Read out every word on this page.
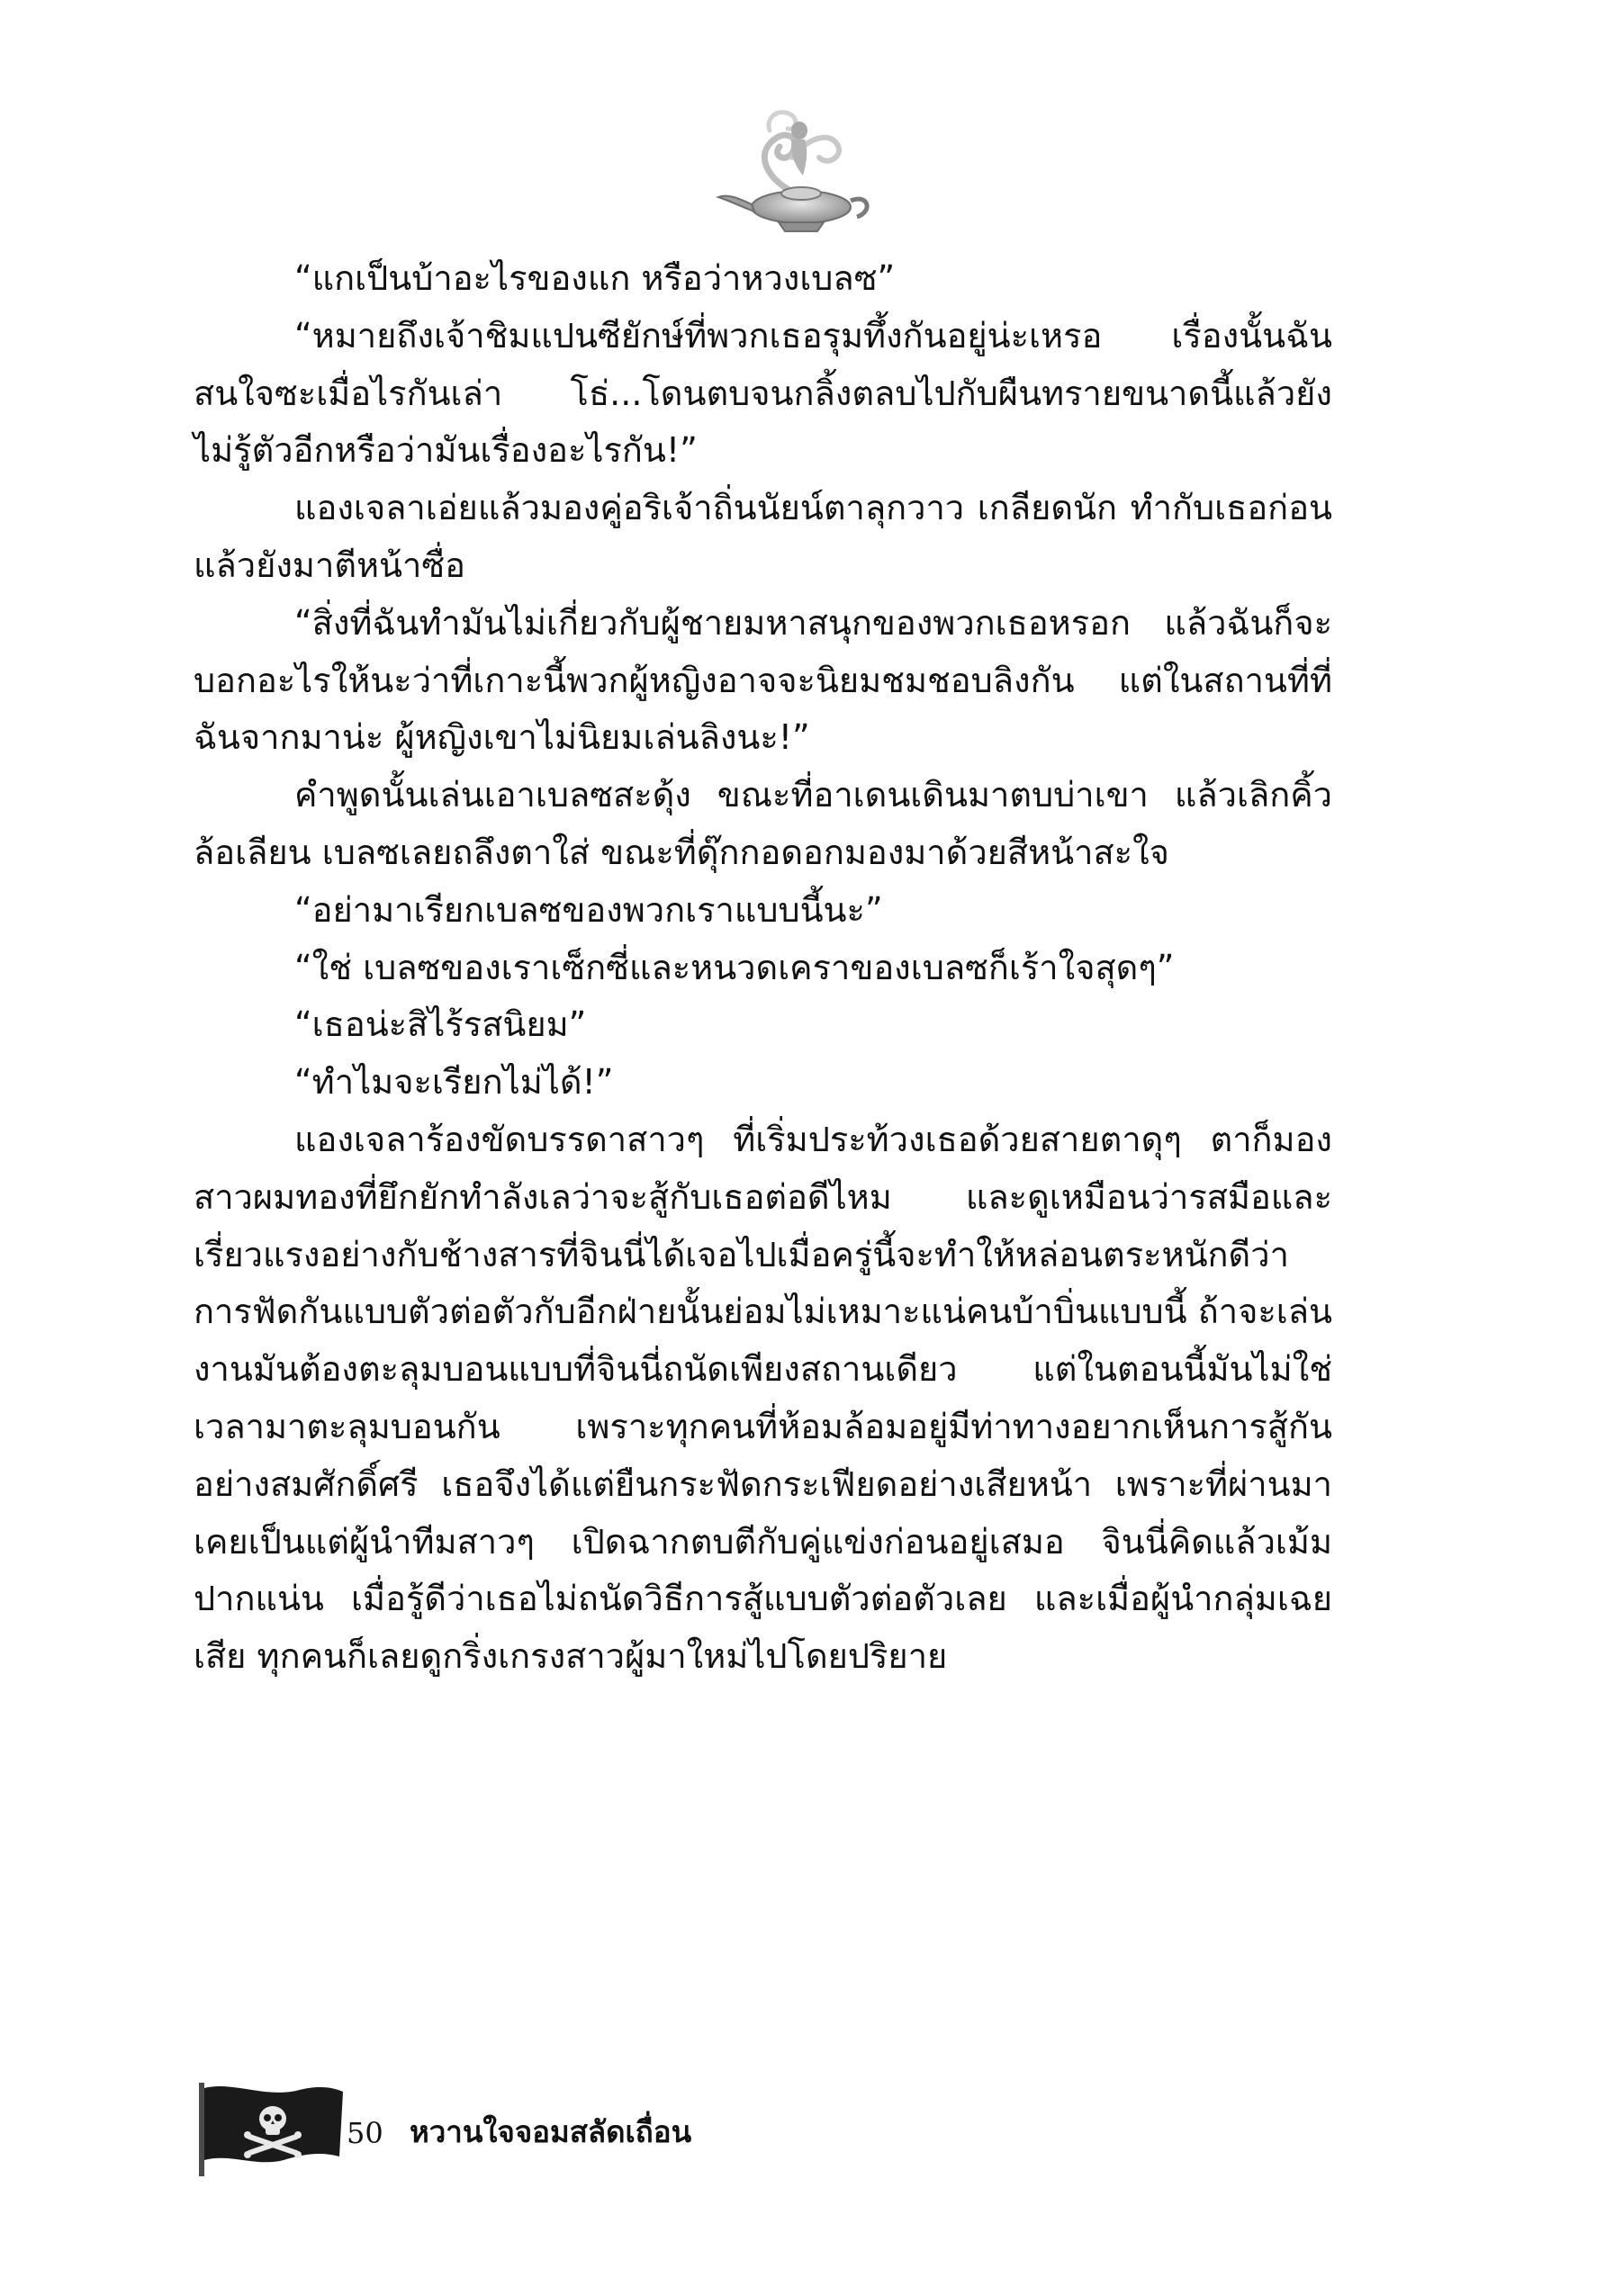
“แกเป็นบ้าอะไรของแก หรือว่าหวงเบลซ”

“หมายถึงเจ้าชิมแปนซียักษ์ที่พวกเธอรุมทึ้งกันอยู่น่ะเหรอ เรื่องนั้นฉันสนใจซะเมื่อไรกันเล่า โธ่...โดนตบจนกลิ้งตลบไปกับผืนทรายขนาดนี้แล้วยังไม่รู้ตัวอีกหรือว่ามันเรื่องอะไรกัน!”

แองเจลาเอ่ยแล้วมองคู่อริเจ้าถิ่นนัยน์ตาลุกวาว เกลียดนัก ทำกับเธอก่อน แล้วยังมาตีหน้าซื่อ

“สิ่งที่ฉันทำมันไม่เกี่ยวกับผู้ชายมหาสนุกของพวกเธอหรอก แล้วฉันก็จะบอกอะไรให้นะว่าที่เกาะนี้พวกผู้หญิงอาจจะนิยมชมชอบลิงกัน แต่ในสถานที่ที่ฉันจากมาน่ะ ผู้หญิงเขาไม่นิยมเล่นลิงนะ!”

คำพูดนั้นเล่นเอาเบลซสะดุ้ง ขณะที่อาเดนเดินมาตบบ่าเขา แล้วเลิกคิ้วล้อเลียน เบลซเลยถลึงตาใส่ ขณะที่ดุ๊กกอดอกมองมาด้วยสีหน้าสะใจ

“อย่ามาเรียกเบลซของพวกเราแบบนี้นะ”

“ใช่ เบลซของเราเซ็กซี่และหนวดเคราของเบลซก็เร้าใจสุดๆ”

“เธอน่ะสิไร้รสนิยม”

“ทำไมจะเรียกไม่ได้!”

แองเจลาร้องขัดบรรดาสาวๆ ที่เริ่มประท้วงเธอด้วยสายตาดุๆ ตาก็มองสาวผมทองที่ยึกยักทำลังเลว่าจะสู้กับเธอต่อดีไหม และดูเหมือนว่ารสมือและเรี่ยวแรงอย่างกับช้างสารที่จินนี่ได้เจอไปเมื่อครู่นี้จะทำให้หล่อนตระหนักดีว่า การฟัดกันแบบตัวต่อตัวกับอีกฝ่ายนั้นย่อมไม่เหมาะแน่คนบ้าบิ่นแบบนี้ ถ้าจะเล่นงานมันต้องตะลุมบอนแบบที่จินนี่ถนัดเพียงสถานเดียว แต่ในตอนนี้มันไม่ใช่เวลามาตะลุมบอนกัน เพราะทุกคนที่ห้อมล้อมอยู่มีท่าทางอยากเห็นการสู้กันอย่างสมศักดิ์ศรี เธอจึงได้แต่ยืนกระฟัดกระเฟียดอย่างเสียหน้า เพราะที่ผ่านมาเคยเป็นแต่ผู้นำทีมสาวๆ เปิดฉากตบตีกับคู่แข่งก่อนอยู่เสมอ จินนี่คิดแล้วเม้มปากแน่น เมื่อรู้ดีว่าเธอไม่ถนัดวิธีการสู้แบบตัวต่อตัวเลย และเมื่อผู้นำกลุ่มเฉยเสีย ทุกคนก็เลยดูกริ่งเกรงสาวผู้มาใหม่ไปโดยปริยาย

50 หวานใจจอมสลัดเถื่อน
